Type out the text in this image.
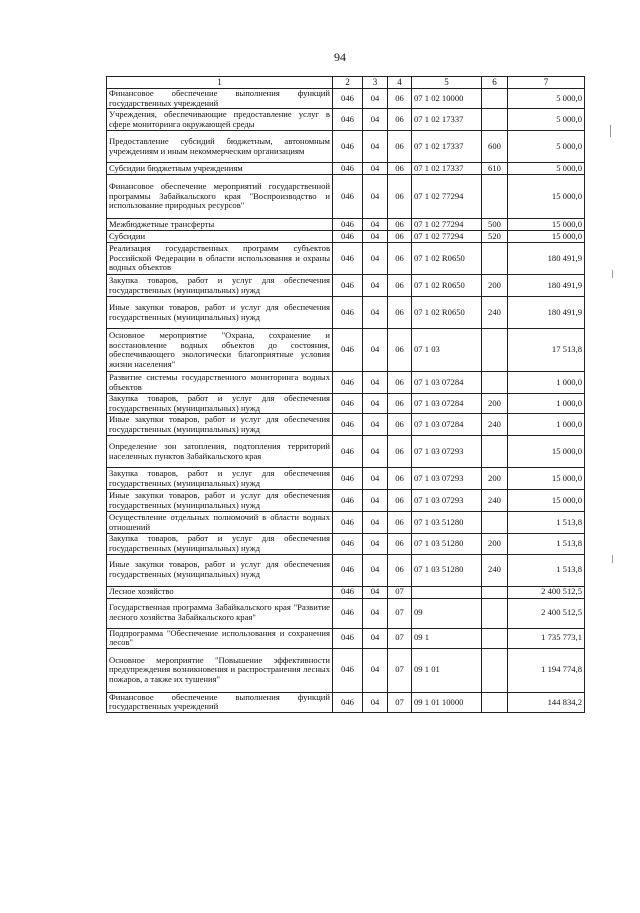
94
1	2	3	4	5	6	7
Финансовое обеспечение выполнения функций государственных учреждений	046	04	06	07 1 02 10000		5 000,0
Учреждения, обеспечивающие предоставление услуг в сфере мониторинга окружающей среды	046	04	06	07 1 02 17337		5 000,0
Предоставление субсидий бюджетным, автономным учреждениям и иным некоммерческим организациям	046	04	06	07 1 02 17337	600	5 000,0
Субсидии бюджетным учреждениям	046	04	06	07 1 02 17337	610	5 000,0
Финансовое обеспечение мероприятий государственной программы Забайкальского края "Воспроизводство и использование природных ресурсов"	046	04	06	07 1 02 77294		15 000,0
Межбюджетные трансферты	046	04	06	07 1 02 77294	500	15 000,0
Субсидии	046	04	06	07 1 02 77294	520	15 000,0
Реализация государственных программ субъектов Российской Федерации в области использования и охраны водных объектов	046	04	06	07 1 02 R0650		180 491,9
Закупка товаров, работ и услуг для обеспечения государственных (муниципальных) нужд	046	04	06	07 1 02 R0650	200	180 491,9
Иные закупки товаров, работ и услуг для обеспечения государственных (муниципальных) нужд	046	04	06	07 1 02 R0650	240	180 491,9
Основное мероприятие "Охрана, сохранение и восстановление водных объектов до состояния, обеспечивающего экологически благоприятные условия жизни населения"	046	04	06	07 1 03		17 513,8
Развитие системы государственного мониторинга водных объектов	046	04	06	07 1 03 07284		1 000,0
Закупка товаров, работ и услуг для обеспечения государственных (муниципальных) нужд	046	04	06	07 1 03 07284	200	1 000,0
Иные закупки товаров, работ и услуг для обеспечения государственных (муниципальных) нужд	046	04	06	07 1 03 07284	240	1 000,0
Определение зон затопления, подтопления территорий населенных пунктов Забайкальского края	046	04	06	07 1 03 07293		15 000,0
Закупка товаров, работ и услуг для обеспечения государственных (муниципальных) нужд	046	04	06	07 1 03 07293	200	15 000,0
Иные закупки товаров, работ и услуг для обеспечения государственных (муниципальных) нужд	046	04	06	07 1 03 07293	240	15 000,0
Осуществление отдельных полномочий в области водных отношений	046	04	06	07 1 03 51280		1 513,8
Закупка товаров, работ и услуг для обеспечения государственных (муниципальных) нужд	046	04	06	07 1 03 51280	200	1 513,8
Иные закупки товаров, работ и услуг для обеспечения государственных (муниципальных) нужд	046	04	06	07 1 03 51280	240	1 513,8
Лесное хозяйство	046	04	07			2 400 512,5
Государственная программа Забайкальского края "Развитие лесного хозяйства Забайкальского края"	046	04	07	09		2 400 512,5
Подпрограмма "Обеспечение использования и сохранения лесов"	046	04	07	09 1		1 735 773,1
Основное мероприятие "Повышение эффективности предупреждения возникновения и распространения лесных пожаров, а также их тушения"	046	04	07	09 1 01		1 194 774,8
Финансовое обеспечение выполнения функций государственных учреждений	046	04	07	09 1 01 10000		144 834,2
